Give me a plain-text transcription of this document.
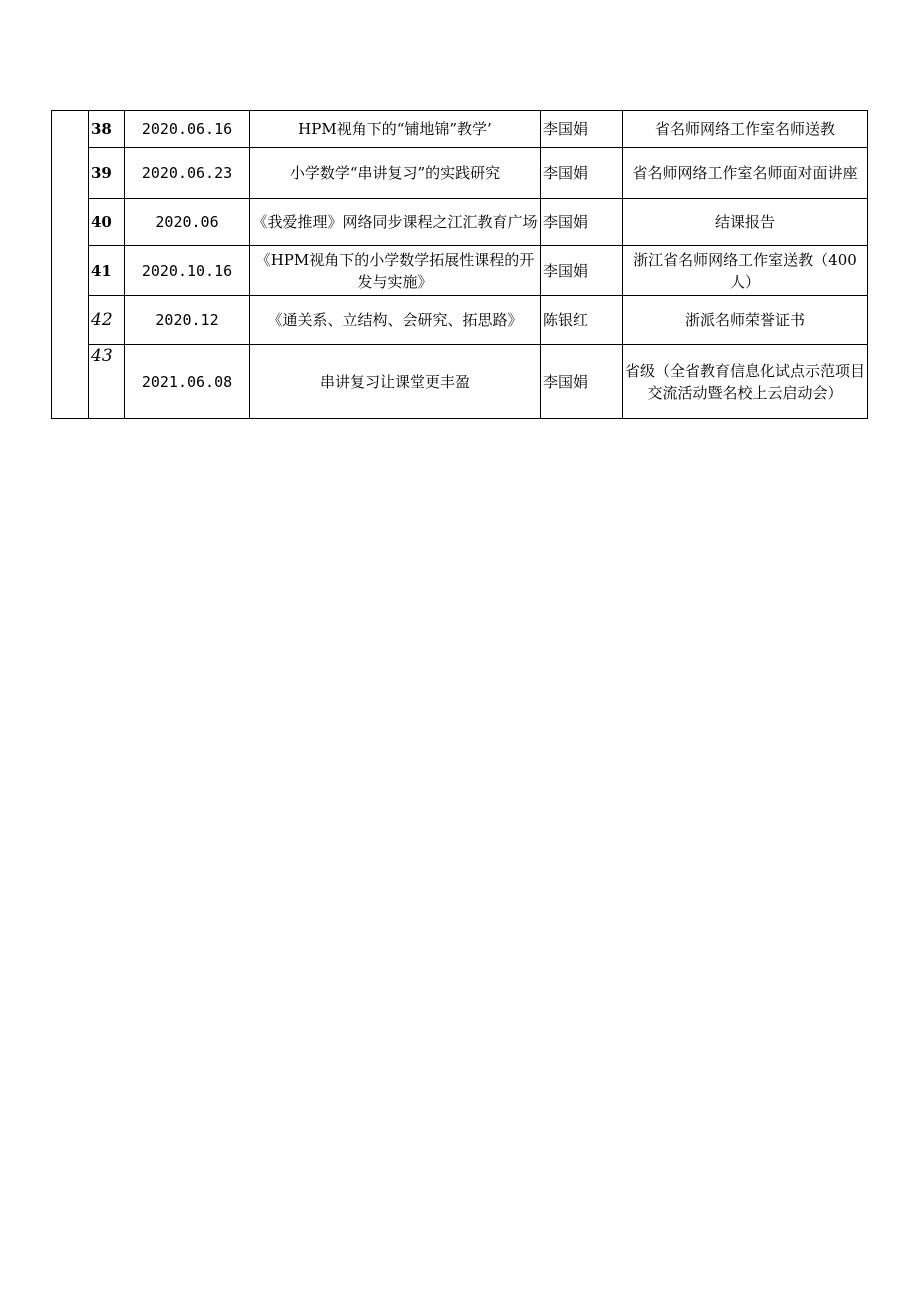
	38	2020.06.16	HPM视角下的“铺地锦”教学’	李国娟	省名师网络工作室名师送教
	39	2020.06.23	小学数学“串讲复习”的实践研究	李国娟	省名师网络工作室名师面对面讲座
	40	2020.06	《我爱推理》网络同步课程之江汇教育广场	李国娟	结课报告
	41	2020.10.16	《HPM视角下的小学数学拓展性课程的开发与实施》	李国娟	浙江省名师网络工作室送教（400人）
	42	2020.12	《通关系、立结构、会研究、拓思路》	陈银红	浙派名师荣誉证书
	43	2021.06.08	串讲复习让课堂更丰盈	李国娟	省级（全省教育信息化试点示范项目交流活动暨名校上云启动会）
